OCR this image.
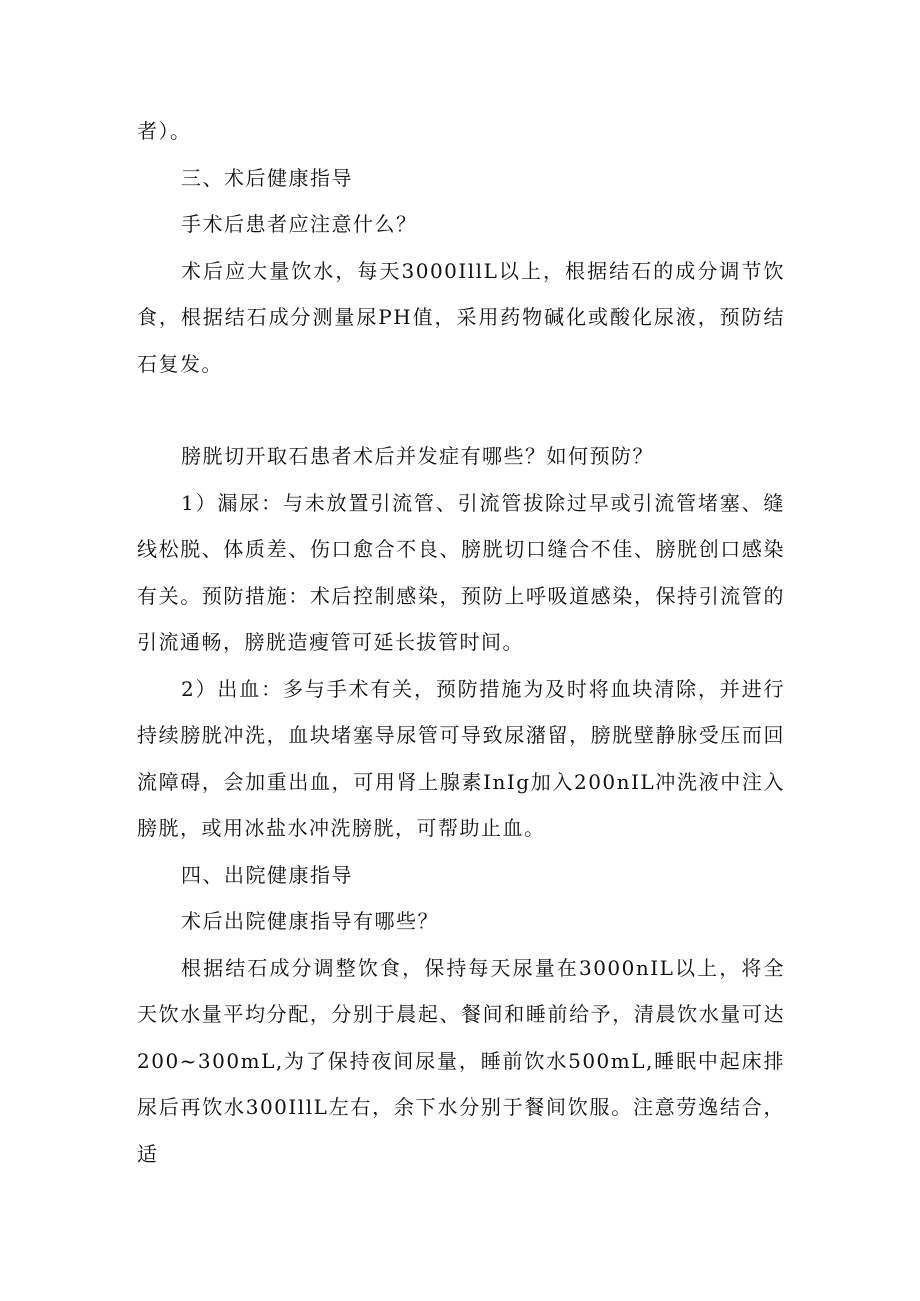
者）。

三、术后健康指导

手术后患者应注意什么？

术后应大量饮水，每天3000IllL以上，根据结石的成分调节饮食，根据结石成分测量尿PH值，采用药物碱化或酸化尿液，预防结石复发。

膀胱切开取石患者术后并发症有哪些？如何预防？

1）漏尿：与未放置引流管、引流管拔除过早或引流管堵塞、缝线松脱、体质差、伤口愈合不良、膀胱切口缝合不佳、膀胱创口感染有关。预防措施：术后控制感染，预防上呼吸道感染，保持引流管的引流通畅，膀胱造瘦管可延长拔管时间。

2）出血：多与手术有关，预防措施为及时将血块清除，并进行持续膀胱冲洗，血块堵塞导尿管可导致尿潴留，膀胱壁静脉受压而回流障碍，会加重出血，可用肾上腺素InIg加入200nIL冲洗液中注入膀胱，或用冰盐水冲洗膀胱，可帮助止血。

四、出院健康指导

术后出院健康指导有哪些？

根据结石成分调整饮食，保持每天尿量在3000nIL以上，将全天饮水量平均分配，分别于晨起、餐间和睡前给予，清晨饮水量可达200~300mL,为了保持夜间尿量，睡前饮水500mL,睡眠中起床排尿后再饮水300IllL左右，余下水分别于餐间饮服。注意劳逸结合，适
